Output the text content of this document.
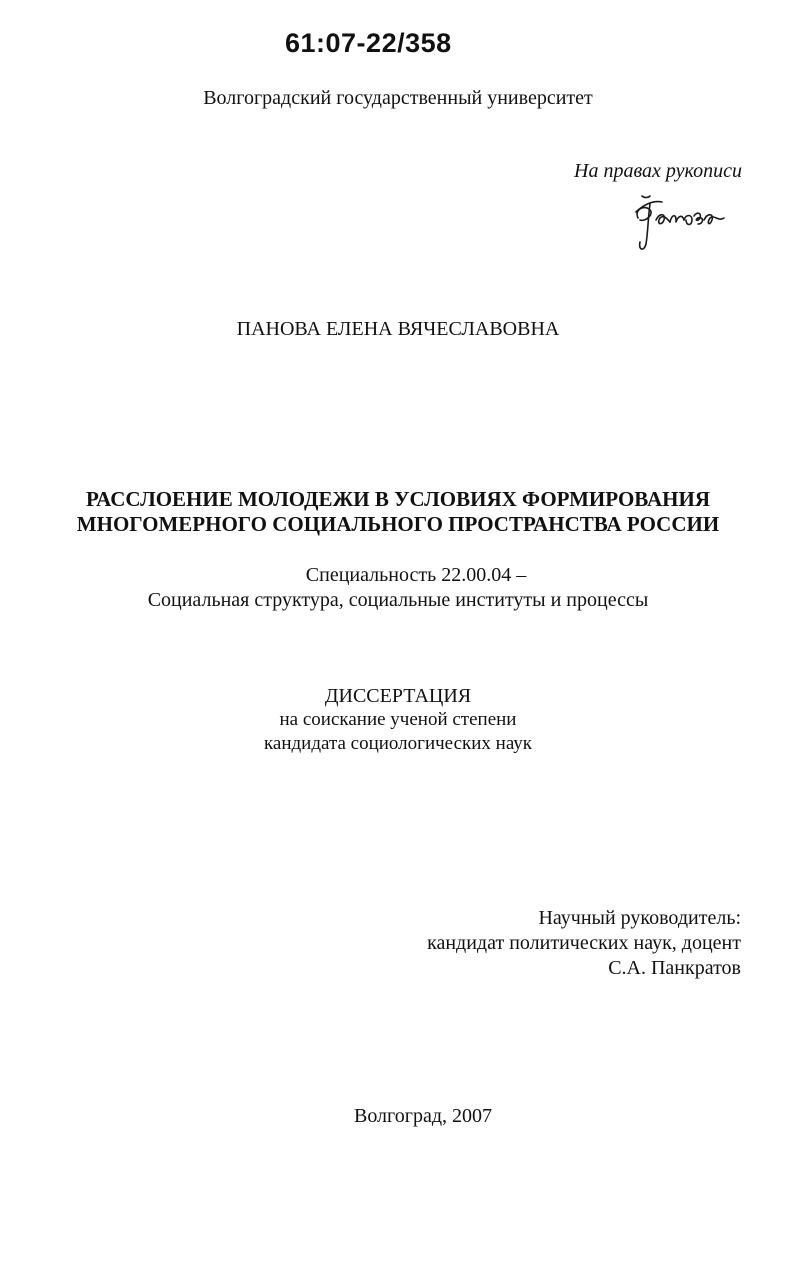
61:07-22/358
Волгоградский государственный университет
На правах рукописи
ПАНОВА ЕЛЕНА ВЯЧЕСЛАВОВНА
РАССЛОЕНИЕ МОЛОДЕЖИ В УСЛОВИЯХ ФОРМИРОВАНИЯ
МНОГОМЕРНОГО СОЦИАЛЬНОГО ПРОСТРАНСТВА РОССИИ
Специальность 22.00.04 –
Социальная структура, социальные институты и процессы
ДИССЕРТАЦИЯ
на соискание ученой степени
кандидата социологических наук
Научный руководитель:
кандидат политических наук, доцент
С.А. Панкратов
Волгоград, 2007
